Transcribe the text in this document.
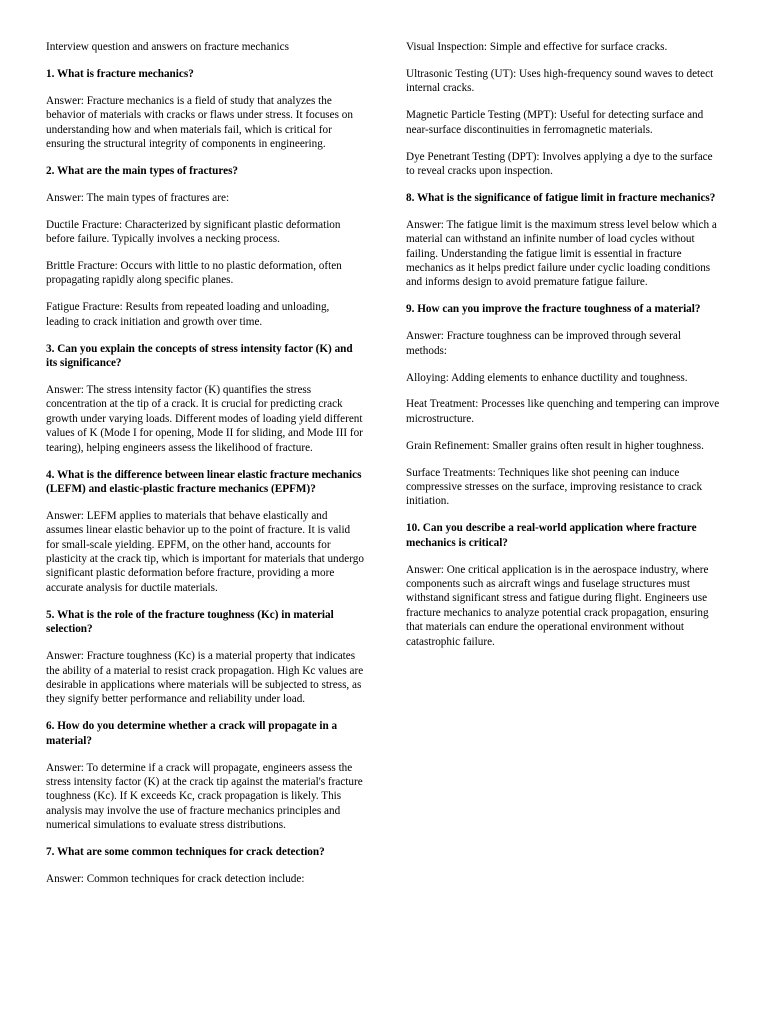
Interview question and answers on fracture mechanics
1. What is fracture mechanics?
Answer: Fracture mechanics is a field of study that analyzes the behavior of materials with cracks or flaws under stress. It focuses on understanding how and when materials fail, which is critical for ensuring the structural integrity of components in engineering.
2. What are the main types of fractures?
Answer: The main types of fractures are:
Ductile Fracture: Characterized by significant plastic deformation before failure. Typically involves a necking process.
Brittle Fracture: Occurs with little to no plastic deformation, often propagating rapidly along specific planes.
Fatigue Fracture: Results from repeated loading and unloading, leading to crack initiation and growth over time.
3. Can you explain the concepts of stress intensity factor (K) and its significance?
Answer: The stress intensity factor (K) quantifies the stress concentration at the tip of a crack. It is crucial for predicting crack growth under varying loads. Different modes of loading yield different values of K (Mode I for opening, Mode II for sliding, and Mode III for tearing), helping engineers assess the likelihood of fracture.
4. What is the difference between linear elastic fracture mechanics (LEFM) and elastic-plastic fracture mechanics (EPFM)?
Answer: LEFM applies to materials that behave elastically and assumes linear elastic behavior up to the point of fracture. It is valid for small-scale yielding. EPFM, on the other hand, accounts for plasticity at the crack tip, which is important for materials that undergo significant plastic deformation before fracture, providing a more accurate analysis for ductile materials.
5. What is the role of the fracture toughness (Kc) in material selection?
Answer: Fracture toughness (Kc) is a material property that indicates the ability of a material to resist crack propagation. High Kc values are desirable in applications where materials will be subjected to stress, as they signify better performance and reliability under load.
6. How do you determine whether a crack will propagate in a material?
Answer: To determine if a crack will propagate, engineers assess the stress intensity factor (K) at the crack tip against the material's fracture toughness (Kc). If K exceeds Kc, crack propagation is likely. This analysis may involve the use of fracture mechanics principles and numerical simulations to evaluate stress distributions.
7. What are some common techniques for crack detection?
Answer: Common techniques for crack detection include:
Visual Inspection: Simple and effective for surface cracks.
Ultrasonic Testing (UT): Uses high-frequency sound waves to detect internal cracks.
Magnetic Particle Testing (MPT): Useful for detecting surface and near-surface discontinuities in ferromagnetic materials.
Dye Penetrant Testing (DPT): Involves applying a dye to the surface to reveal cracks upon inspection.
8. What is the significance of fatigue limit in fracture mechanics?
Answer: The fatigue limit is the maximum stress level below which a material can withstand an infinite number of load cycles without failing. Understanding the fatigue limit is essential in fracture mechanics as it helps predict failure under cyclic loading conditions and informs design to avoid premature fatigue failure.
9. How can you improve the fracture toughness of a material?
Answer: Fracture toughness can be improved through several methods:
Alloying: Adding elements to enhance ductility and toughness.
Heat Treatment: Processes like quenching and tempering can improve microstructure.
Grain Refinement: Smaller grains often result in higher toughness.
Surface Treatments: Techniques like shot peening can induce compressive stresses on the surface, improving resistance to crack initiation.
10. Can you describe a real-world application where fracture mechanics is critical?
Answer: One critical application is in the aerospace industry, where components such as aircraft wings and fuselage structures must withstand significant stress and fatigue during flight. Engineers use fracture mechanics to analyze potential crack propagation, ensuring that materials can endure the operational environment without catastrophic failure.
